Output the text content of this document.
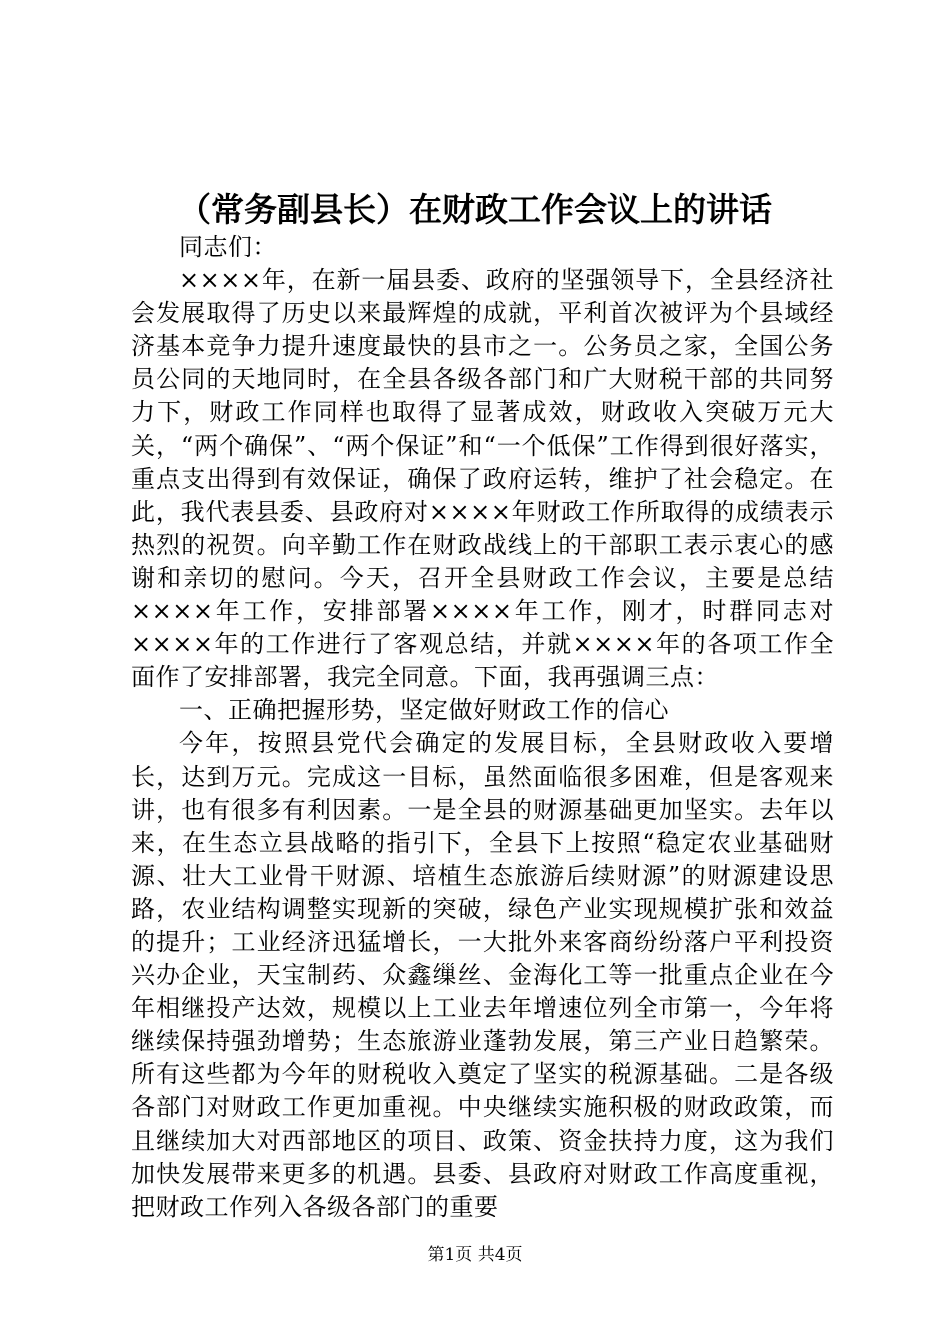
（常务副县长）在财政工作会议上的讲话

同志们：

××××年，在新一届县委、政府的坚强领导下，全县经济社会发展取得了历史以来最辉煌的成就，平利首次被评为个县域经济基本竞争力提升速度最快的县市之一。公务员之家，全国公务员公同的天地同时，在全县各级各部门和广大财税干部的共同努力下，财政工作同样也取得了显著成效，财政收入突破万元大关，“两个确保”、“两个保证”和“一个低保”工作得到很好落实，重点支出得到有效保证，确保了政府运转，维护了社会稳定。在此，我代表县委、县政府对××××年财政工作所取得的成绩表示热烈的祝贺。向辛勤工作在财政战线上的干部职工表示衷心的感谢和亲切的慰问。今天，召开全县财政工作会议，主要是总结××××年工作，安排部署××××年工作，刚才，时群同志对××××年的工作进行了客观总结，并就××××年的各项工作全面作了安排部署，我完全同意。下面，我再强调三点：

一、正确把握形势，坚定做好财政工作的信心

今年，按照县党代会确定的发展目标，全县财政收入要增长，达到万元。完成这一目标，虽然面临很多困难，但是客观来讲，也有很多有利因素。一是全县的财源基础更加坚实。去年以来，在生态立县战略的指引下，全县下上按照“稳定农业基础财源、壮大工业骨干财源、培植生态旅游后续财源”的财源建设思路，农业结构调整实现新的突破，绿色产业实现规模扩张和效益的提升；工业经济迅猛增长，一大批外来客商纷纷落户平利投资兴办企业，天宝制药、众鑫缫丝、金海化工等一批重点企业在今年相继投产达效，规模以上工业去年增速位列全市第一，今年将继续保持强劲增势；生态旅游业蓬勃发展，第三产业日趋繁荣。所有这些都为今年的财税收入奠定了坚实的税源基础。二是各级各部门对财政工作更加重视。中央继续实施积极的财政政策，而且继续加大对西部地区的项目、政策、资金扶持力度，这为我们加快发展带来更多的机遇。县委、县政府对财政工作高度重视，把财政工作列入各级各部门的重要

第1页 共4页
